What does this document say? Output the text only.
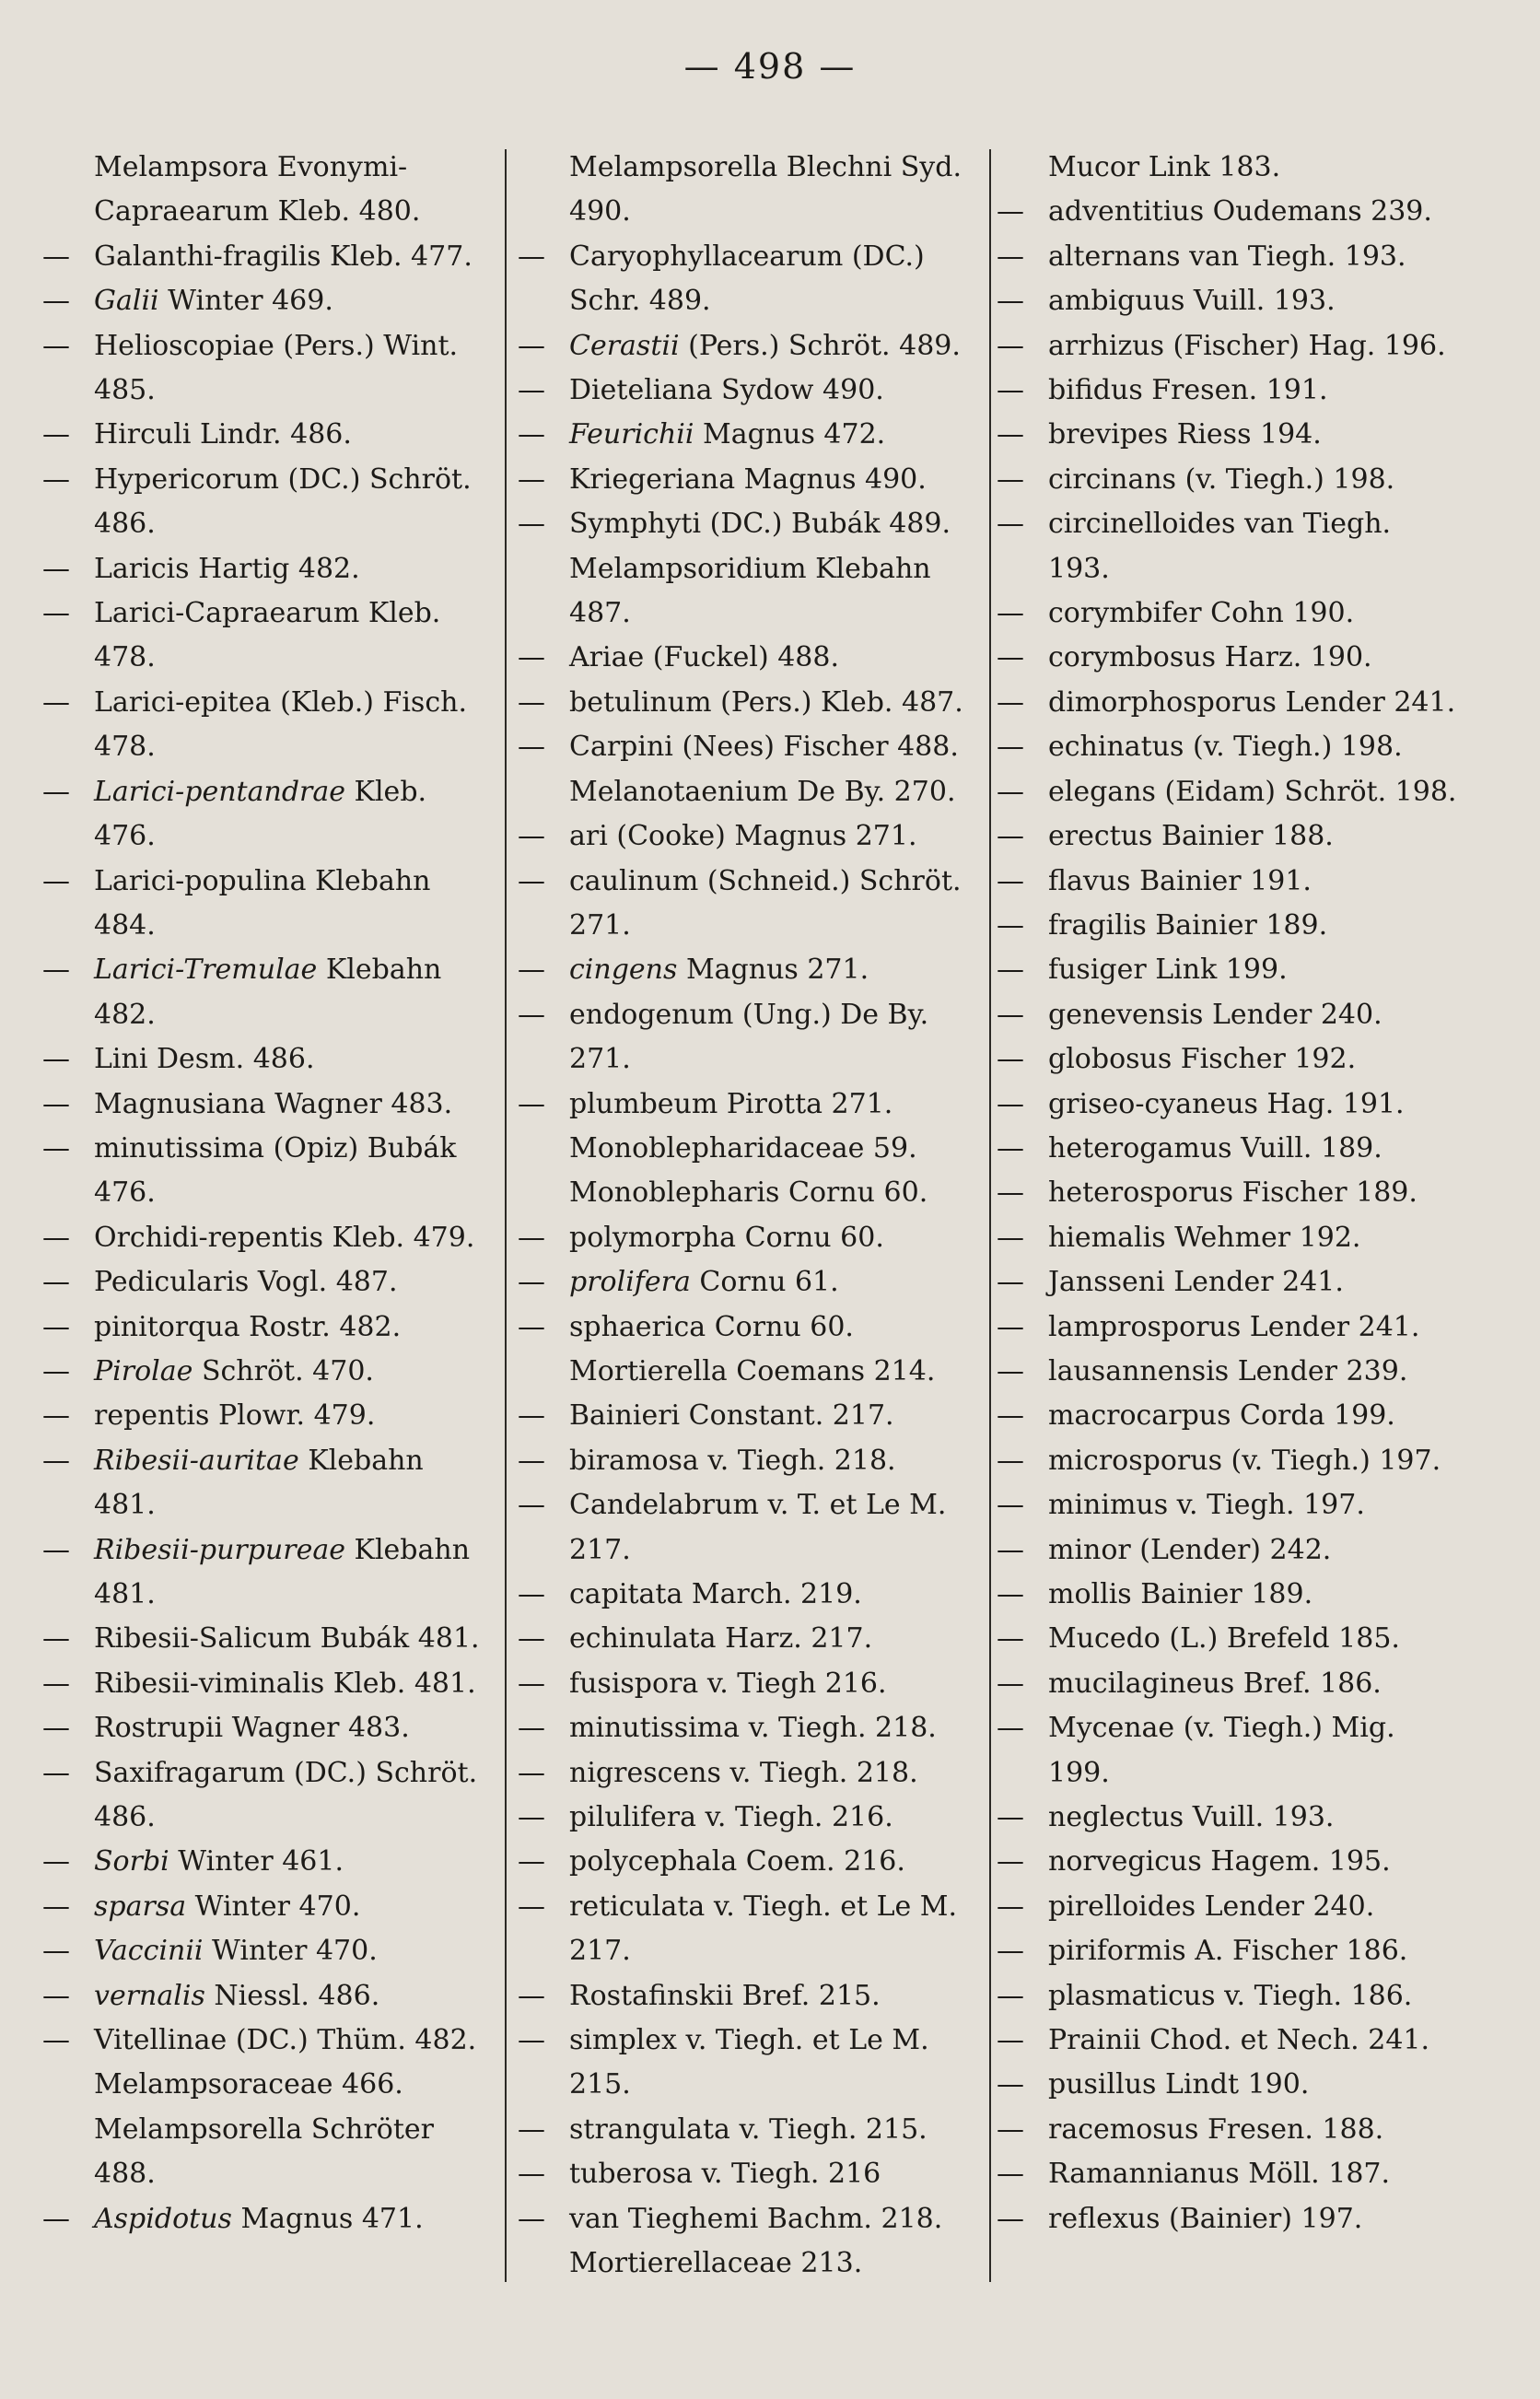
— 498 —
Melampsora Evonymi-Capraearum Kleb. 480.
— Galanthi-fragilis Kleb. 477.
— Galii Winter 469.
— Helioscopiae (Pers.) Wint. 485.
— Hirculi Lindr. 486.
— Hypericorum (DC.) Schröt. 486.
— Laricis Hartig 482.
— Larici-Capraearum Kleb. 478.
— Larici-epitea (Kleb.) Fisch. 478.
— Larici-pentandrae Kleb. 476.
— Larici-populina Klebahn 484.
— Larici-Tremulae Klebahn 482.
— Lini Desm. 486.
— Magnusiana Wagner 483.
— minutissima (Opiz) Bubák 476.
— Orchidi-repentis Kleb. 479.
— Pedicularis Vogl. 487.
— pinitorqua Rostr. 482.
— Pirolae Schröt. 470.
— repentis Plowr. 479.
— Ribesii-auritae Klebahn 481.
— Ribesii-purpureae Klebahn 481.
— Ribesii-Salicum Bubák 481.
— Ribesii-viminalis Kleb. 481.
— Rostrupii Wagner 483.
— Saxifragarum (DC.) Schröt. 486.
— Sorbi Winter 461.
— sparsa Winter 470.
— Vaccinii Winter 470.
— vernalis Niessl. 486.
— Vitellinae (DC.) Thüm. 482.
Melampsoraceae 466.
Melampsorella Schröter 488.
— Aspidotus Magnus 471.
Melampsorella Blechni Syd. 490.
— Caryophyllacearum (DC.) Schr. 489.
— Cerastii (Pers.) Schröt. 489.
— Dieteliana Sydow 490.
— Feurichii Magnus 472.
— Kriegeriana Magnus 490.
— Symphyti (DC.) Bubák 489.
Melampsoridium Klebahn 487.
— Ariae (Fuckel) 488.
— betulinum (Pers.) Kleb. 487.
— Carpini (Nees) Fischer 488.
Melanotaenium De By. 270.
— ari (Cooke) Magnus 271.
— caulinum (Schneid.) Schröt. 271.
— cingens Magnus 271.
— endogenum (Ung.) De By. 271.
— plumbeum Pirotta 271.
Monoblepharidaceae 59.
Monoblepharis Cornu 60.
— polymorpha Cornu 60.
— prolifera Cornu 61.
— sphaerica Cornu 60.
Mortierella Coemans 214.
— Bainieri Constant. 217.
— biramosa v. Tiegh. 218.
— Candelabrum v. T. et Le M. 217.
— capitata March. 219.
— echinulata Harz. 217.
— fusispora v. Tiegh 216.
— minutissima v. Tiegh. 218.
— nigrescens v. Tiegh. 218.
— pilulifera v. Tiegh. 216.
— polycephala Coem. 216.
— reticulata v. Tiegh. et Le M. 217.
— Rostafinskii Bref. 215.
— simplex v. Tiegh. et Le M. 215.
— strangulata v. Tiegh. 215.
— tuberosa v. Tiegh. 216
— van Tieghemi Bachm. 218.
Mortierellaceae 213.
Mucor Link 183.
— adventitius Oudemans 239.
— alternans van Tiegh. 193.
— ambiguus Vuill. 193.
— arrhizus (Fischer) Hag. 196.
— bifidus Fresen. 191.
— brevipes Riess 194.
— circinans (v. Tiegh.) 198.
— circinelloides van Tiegh. 193.
— corymbifer Cohn 190.
— corymbosus Harz. 190.
— dimorphosporus Lender 241.
— echinatus (v. Tiegh.) 198.
— elegans (Eidam) Schröt. 198.
— erectus Bainier 188.
— flavus Bainier 191.
— fragilis Bainier 189.
— fusiger Link 199.
— genevensis Lender 240.
— globosus Fischer 192.
— griseo-cyaneus Hag. 191.
— heterogamus Vuill. 189.
— heterosporus Fischer 189.
— hiemalis Wehmer 192.
— Jansseni Lender 241.
— lamprosporus Lender 241.
— lausannensis Lender 239.
— macrocarpus Corda 199.
— microsporus (v. Tiegh.) 197.
— minimus v. Tiegh. 197.
— minor (Lender) 242.
— mollis Bainier 189.
— Mucedo (L.) Brefeld 185.
— mucilagineus Bref. 186.
— Mycenae (v. Tiegh.) Mig. 199.
— neglectus Vuill. 193.
— norvegicus Hagem. 195.
— pirelloides Lender 240.
— piriformis A. Fischer 186.
— plasmaticus v. Tiegh. 186.
— Prainii Chod. et Nech. 241.
— pusillus Lindt 190.
— racemosus Fresen. 188.
— Ramannianus Möll. 187.
— reflexus (Bainier) 197.
